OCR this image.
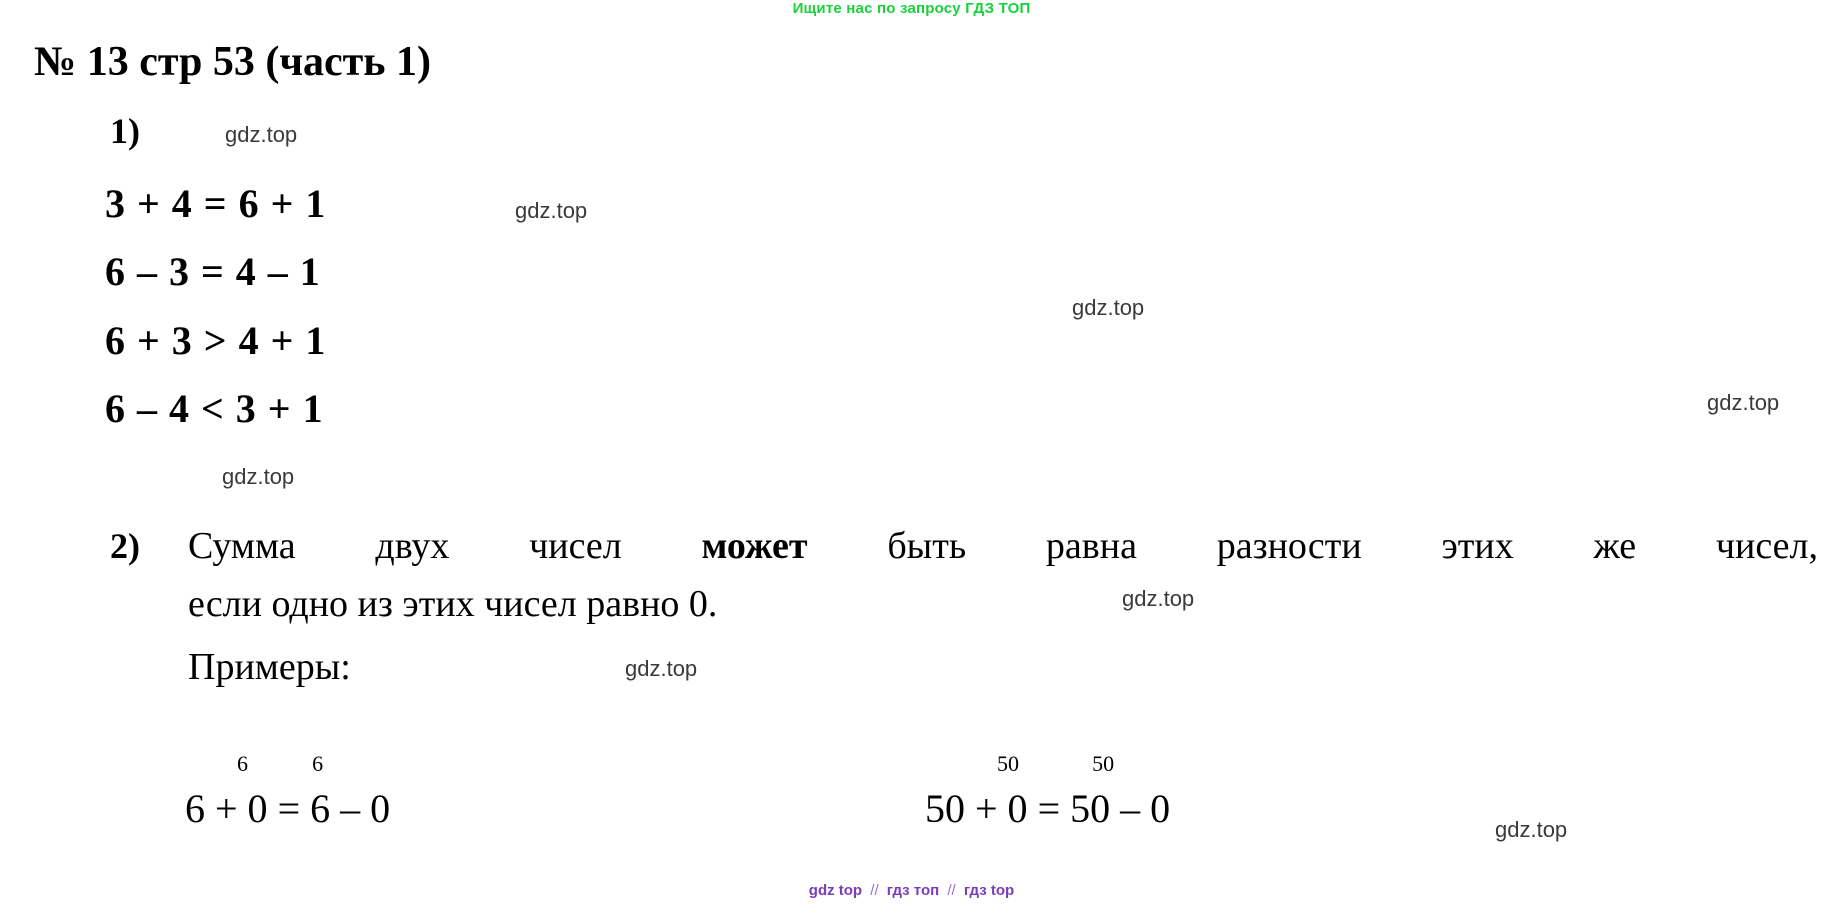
Ищите нас по запросу ГДЗ ТОП
№ 13 стр 53 (часть 1)
1)	gdz.top
3 + 4 = 6 + 1	gdz.top
6 – 3 = 4 – 1
6 + 3 > 4 + 1
gdz.top
6 – 4 < 3 + 1	gdz.top
gdz.top
2) Сумма двух чисел может быть равна разности этих же чисел,
если одно из этих чисел равно 0.	gdz.top
Примеры:	gdz.top
6
6 + 0 =
6
6 – 0
50
50 + 0 =
50
50 – 0	gdz.top
gdz top // гдз топ // гдз top
